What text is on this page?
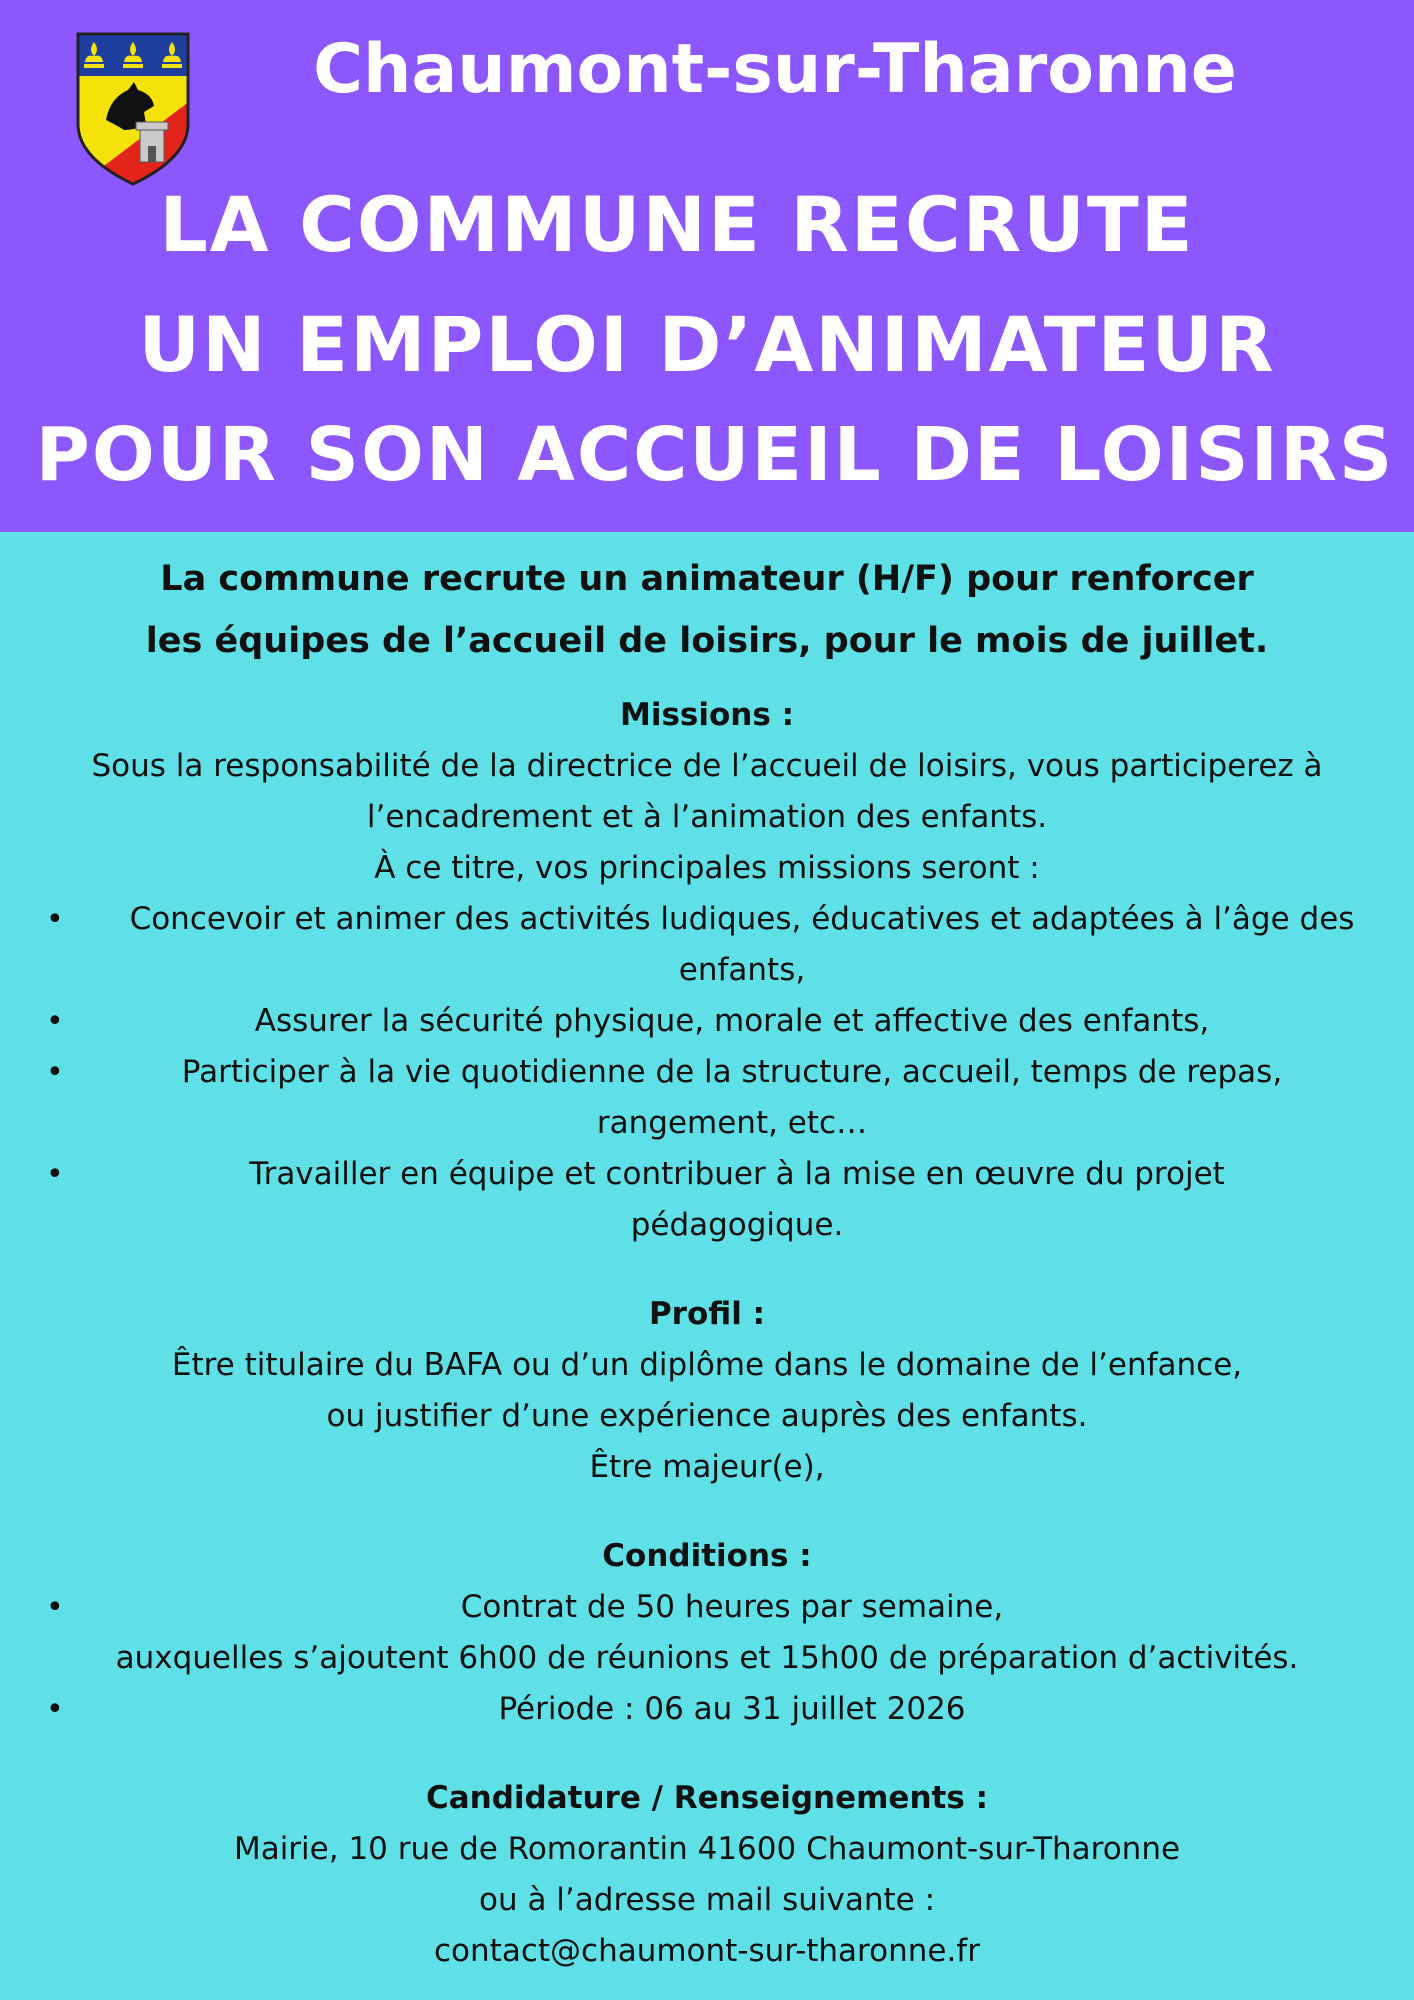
Chaumont-sur-Tharonne
LA COMMUNE RECRUTE
UN EMPLOI D’ANIMATEUR
POUR SON ACCUEIL DE LOISIRS
La commune recrute un animateur (H/F) pour renforcer
les équipes de l’accueil de loisirs, pour le mois de juillet.
Missions :
Sous la responsabilité de la directrice de l’accueil de loisirs, vous participerez à
l’encadrement et à l’animation des enfants.
À ce titre, vos principales missions seront :
• Concevoir et animer des activités ludiques, éducatives et adaptées à l’âge des enfants,
• Assurer la sécurité physique, morale et affective des enfants,
• Participer à la vie quotidienne de la structure, accueil, temps de repas, rangement, etc…
• Travailler en équipe et contribuer à la mise en œuvre du projet pédagogique.
Profil :
Être titulaire du BAFA ou d’un diplôme dans le domaine de l’enfance,
ou justifier d’une expérience auprès des enfants.
Être majeur(e),
Conditions :
• Contrat de 50 heures par semaine,
auxquelles s’ajoutent 6h00 de réunions et 15h00 de préparation d’activités.
• Période : 06 au 31 juillet 2026
Candidature / Renseignements :
Mairie, 10 rue de Romorantin 41600 Chaumont-sur-Tharonne
ou à l’adresse mail suivante :
contact@chaumont-sur-tharonne.fr
